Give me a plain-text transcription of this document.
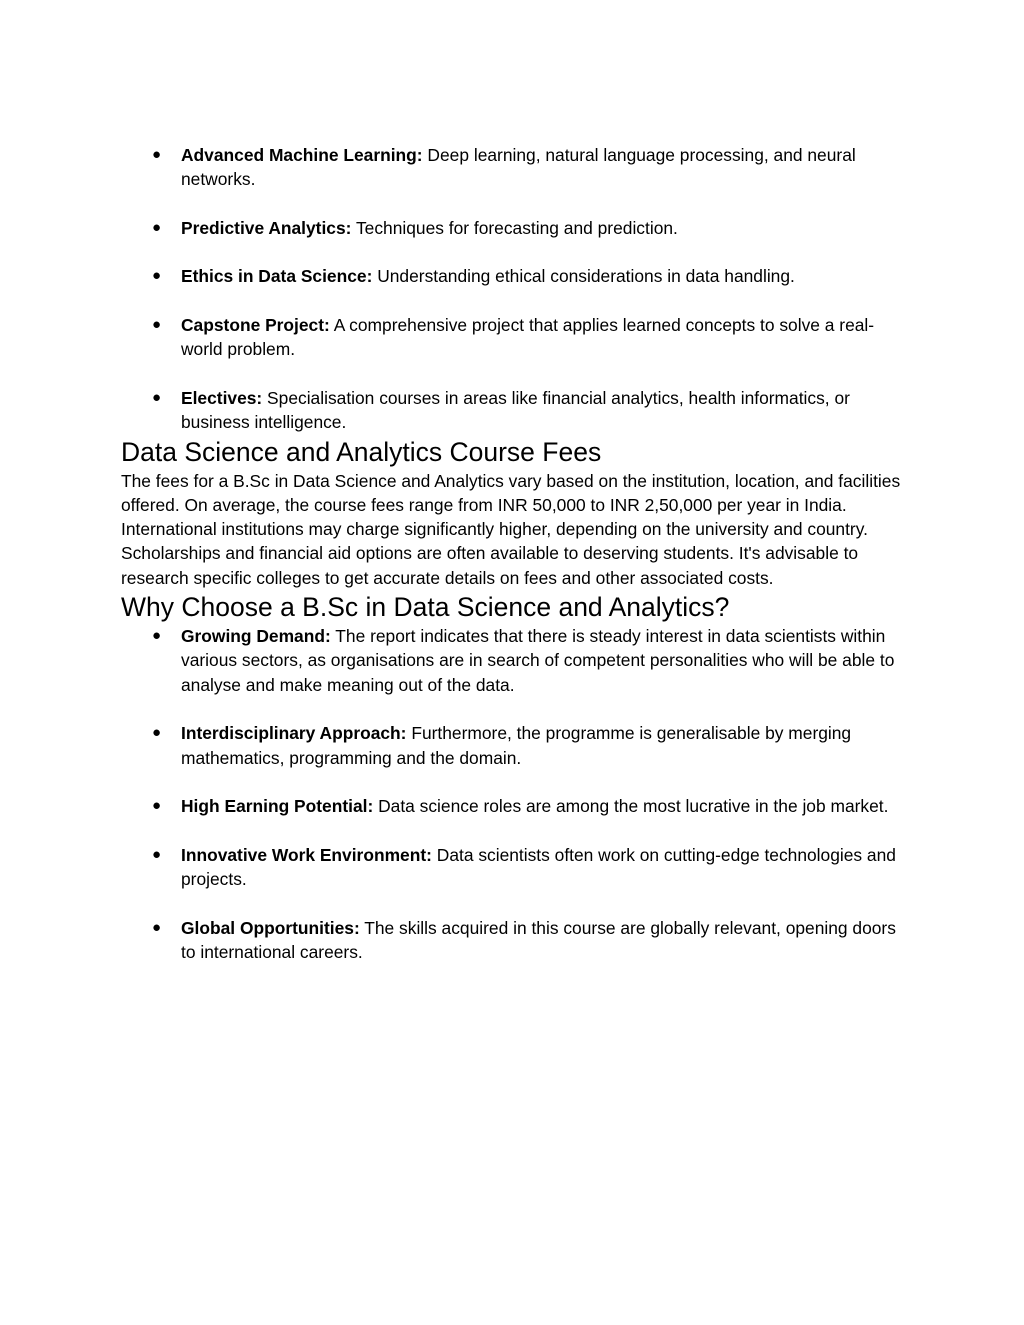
● Advanced Machine Learning: Deep learning, natural language processing, and neural networks.
● Predictive Analytics: Techniques for forecasting and prediction.
● Ethics in Data Science: Understanding ethical considerations in data handling.
● Capstone Project: A comprehensive project that applies learned concepts to solve a real-world problem.
● Electives: Specialisation courses in areas like financial analytics, health informatics, or business intelligence.
Data Science and Analytics Course Fees

The fees for a B.Sc in Data Science and Analytics vary based on the institution, location, and facilities offered. On average, the course fees range from INR 50,000 to INR 2,50,000 per year in India. International institutions may charge significantly higher, depending on the university and country.

Scholarships and financial aid options are often available to deserving students. It's advisable to research specific colleges to get accurate details on fees and other associated costs.

Why Choose a B.Sc in Data Science and Analytics?
● Growing Demand: The report indicates that there is steady interest in data scientists within various sectors, as organisations are in search of competent personalities who will be able to analyse and make meaning out of the data.
● Interdisciplinary Approach: Furthermore, the programme is generalisable by merging mathematics, programming and the domain.
● High Earning Potential: Data science roles are among the most lucrative in the job market.
● Innovative Work Environment: Data scientists often work on cutting-edge technologies and projects.
● Global Opportunities: The skills acquired in this course are globally relevant, opening doors to international careers.
